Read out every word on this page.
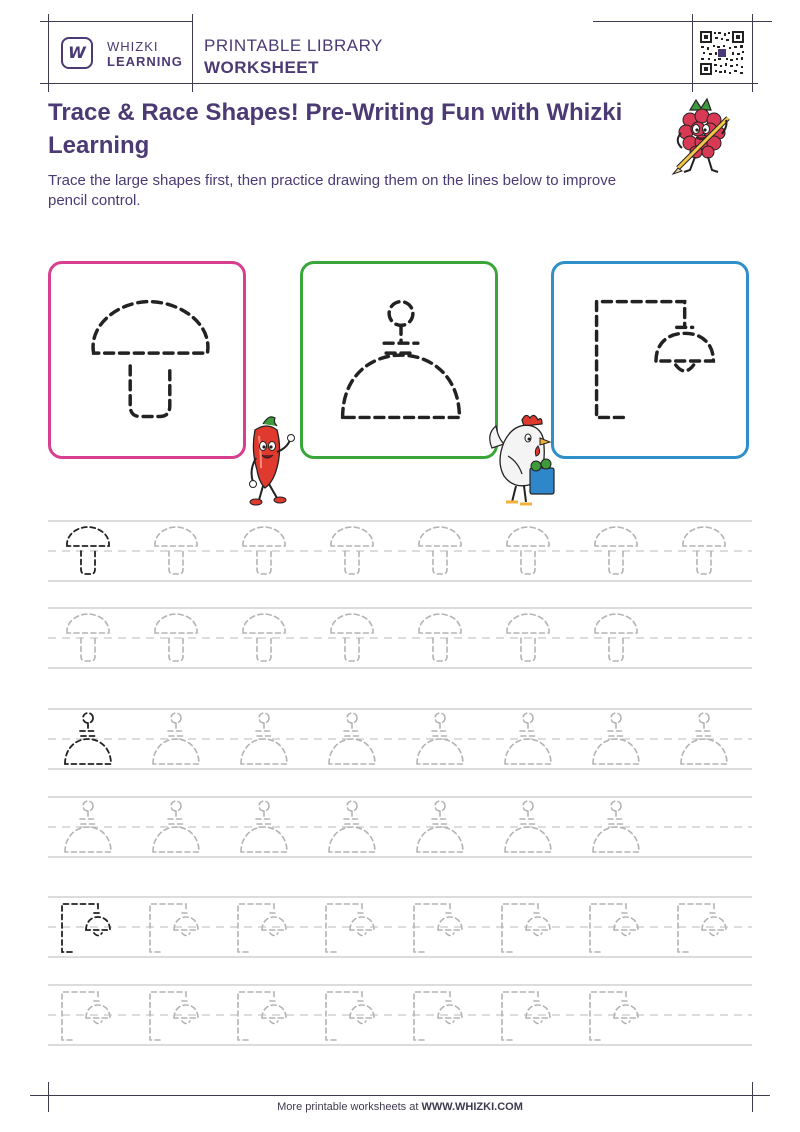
W WHIZKI
LEARNING
PRINTABLE LIBRARY
WORKSHEET
Trace & Race Shapes! Pre-Writing Fun with Whizki Learning

Trace the large shapes first, then practice drawing them on the lines below to improve pencil control.

More printable worksheets at WWW.WHIZKI.COM
